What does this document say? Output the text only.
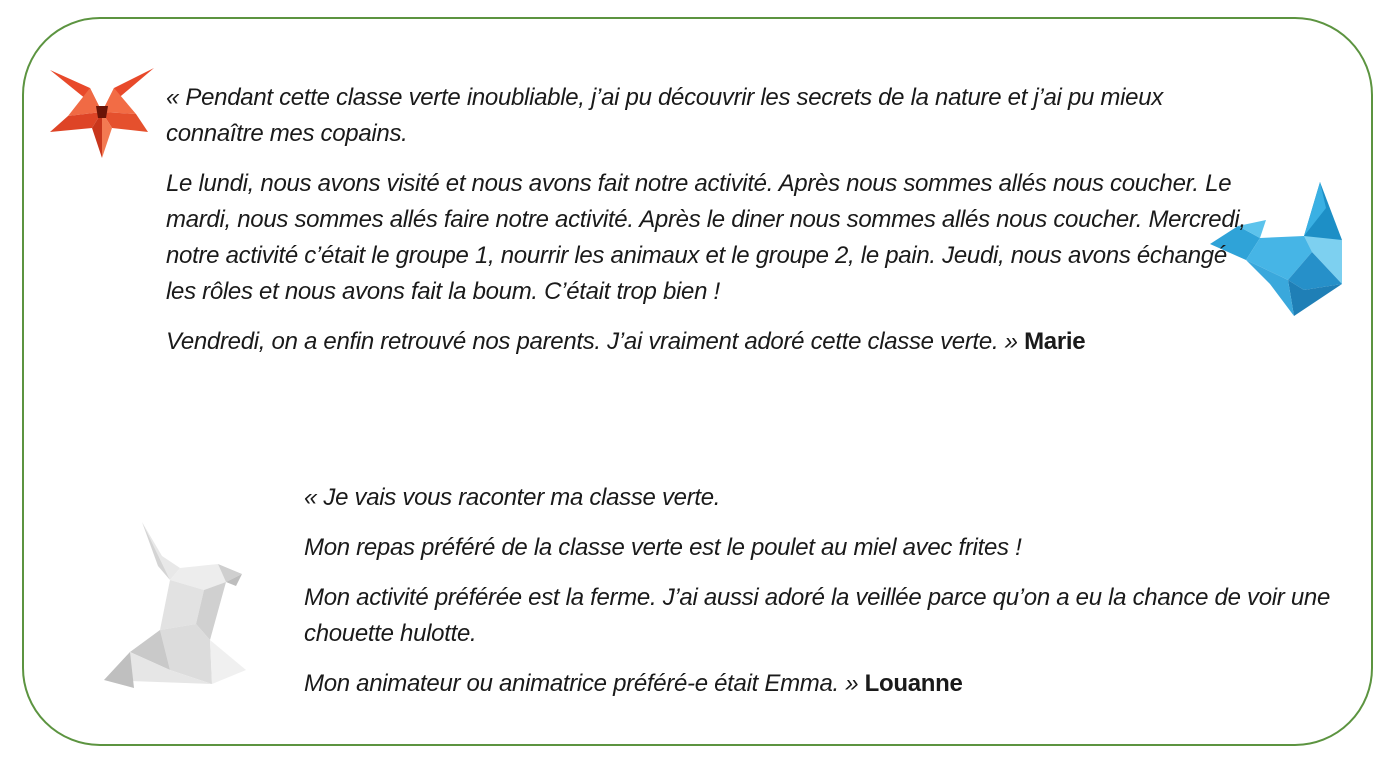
« Pendant cette classe verte inoubliable, j’ai pu découvrir les secrets de la nature et j’ai pu mieux connaître mes copains.

Le lundi, nous avons visité et nous avons fait notre activité. Après nous sommes allés nous coucher. Le mardi, nous sommes allés faire notre activité. Après le diner nous sommes allés nous coucher. Mercredi, notre activité c’était le groupe 1, nourrir les animaux et le groupe 2, le pain. Jeudi, nous avons échangé les rôles et nous avons fait la boum. C’était trop bien !

Vendredi, on a enfin retrouvé nos parents. J’ai vraiment adoré cette classe verte. » Marie

« Je vais vous raconter ma classe verte.

Mon repas préféré de la classe verte est le poulet au miel avec frites !

Mon activité préférée est la ferme. J’ai aussi adoré la veillée parce qu’on a eu la chance de voir une chouette hulotte.

Mon animateur ou animatrice préféré-e était Emma. » Louanne
